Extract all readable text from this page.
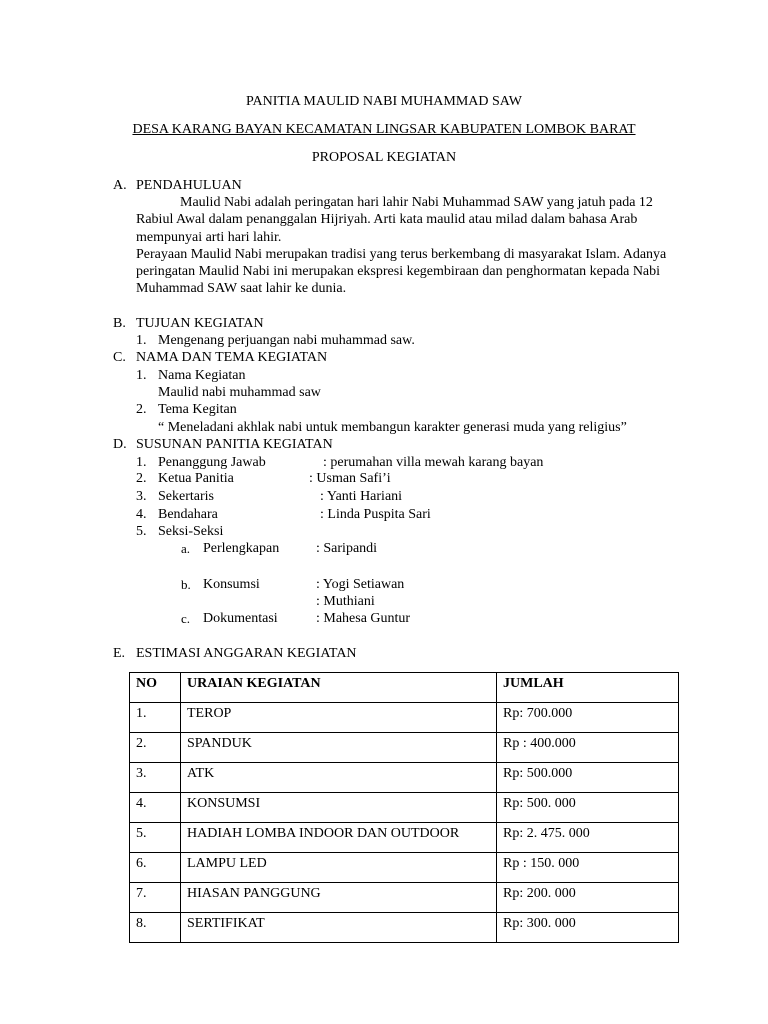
PANITIA MAULID NABI MUHAMMAD SAW
DESA KARANG BAYAN KECAMATAN LINGSAR KABUPATEN LOMBOK BARAT
PROPOSAL KEGIATAN
A. PENDAHULUAN
Maulid Nabi adalah peringatan hari lahir Nabi Muhammad SAW yang jatuh pada 12
Rabiul Awal dalam penanggalan Hijriyah. Arti kata maulid atau milad dalam bahasa Arab
mempunyai arti hari lahir.
Perayaan Maulid Nabi merupakan tradisi yang terus berkembang di masyarakat Islam. Adanya
peringatan Maulid Nabi ini merupakan ekspresi kegembiraan dan penghormatan kepada Nabi
Muhammad SAW saat lahir ke dunia.
B. TUJUAN KEGIATAN
1. Mengenang perjuangan nabi muhammad saw.
C. NAMA DAN TEMA KEGIATAN
1. Nama Kegiatan
Maulid nabi muhammad saw
2. Tema Kegitan
“ Meneladani akhlak nabi untuk membangun karakter generasi muda yang religius”
D. SUSUNAN PANITIA KEGIATAN
1. Penanggung Jawab	: perumahan villa mewah karang bayan
2. Ketua Panitia	: Usman Safi’i
3. Sekertaris	: Yanti Hariani
4. Bendahara	: Linda Puspita Sari
5. Seksi-Seksi
a. Perlengkapan	: Saripandi
b. Konsumsi	: Yogi Setiawan
: Muthiani
c. Dokumentasi	: Mahesa Guntur
E. ESTIMASI ANGGARAN KEGIATAN
NO	URAIAN KEGIATAN	JUMLAH
1.	TEROP	Rp: 700.000
2.	SPANDUK	Rp : 400.000
3.	ATK	Rp: 500.000
4.	KONSUMSI	Rp: 500. 000
5.	HADIAH LOMBA INDOOR DAN OUTDOOR	Rp: 2. 475. 000
6.	LAMPU LED	Rp : 150. 000
7.	HIASAN PANGGUNG	Rp: 200. 000
8.	SERTIFIKAT	Rp: 300. 000
